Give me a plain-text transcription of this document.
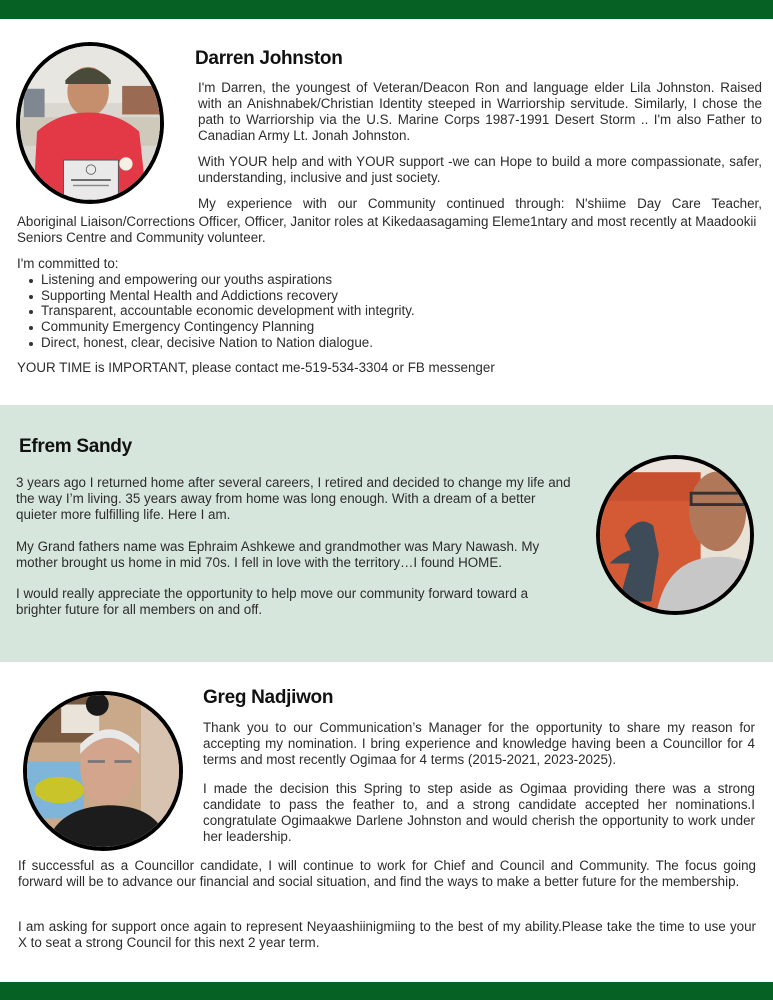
Darren Johnston
I'm Darren, the youngest of Veteran/Deacon Ron and language elder Lila Johnston. Raised with an Anishnabek/Christian Identity steeped in Warriorship servitude. Similarly, I chose the path to Warriorship via the U.S. Marine Corps 1987-1991 Desert Storm .. I'm also Father to Canadian Army Lt. Jonah Johnston.
With YOUR help and with YOUR support -we can Hope to build a more compassionate, safer, understanding, inclusive and just society.
My experience with our Community continued through: N'shiime Day Care Teacher,
Aboriginal Liaison/Corrections Officer, Officer, Janitor roles at Kikedaasagaming Eleme1ntary and most recently at Maadookii Seniors Centre and Community volunteer.
I'm committed to:
Listening and empowering our youths aspirations
Supporting Mental Health and Addictions recovery
Transparent, accountable economic development with integrity.
Community Emergency Contingency Planning
Direct, honest, clear, decisive Nation to Nation dialogue.
YOUR TIME is IMPORTANT, please contact me-519-534-3304 or FB messenger
Efrem Sandy
3 years ago I returned home after several careers, I retired and decided to change my life and the way I’m living. 35 years away from home was long enough. With a dream of a better quieter more fulfilling life. Here I am.
My Grand fathers name was Ephraim Ashkewe and grandmother was Mary Nawash. My mother brought us home in mid 70s. I fell in love with the territory…I found HOME.
I would really appreciate the opportunity to help move our community forward toward a brighter future for all members on and off.
Greg Nadjiwon
Thank you to our Communication’s Manager for the opportunity to share my reason for accepting my nomination. I bring experience and knowledge having been a Councillor for 4 terms and most recently Ogimaa for 4 terms (2015-2021, 2023-2025).
I made the decision this Spring to step aside as Ogimaa providing there was a strong candidate to pass the feather to, and a strong candidate accepted her nominations.I congratulate Ogimaakwe Darlene Johnston and would cherish the opportunity to work under her leadership.
If successful as a Councillor candidate, I will continue to work for Chief and Council and Community. The focus going forward will be to advance our financial and social situation, and find the ways to make a better future for the membership.
I am asking for support once again to represent Neyaashiinigmiing to the best of my ability.Please take the time to use your X to seat a strong Council for this next 2 year term.
